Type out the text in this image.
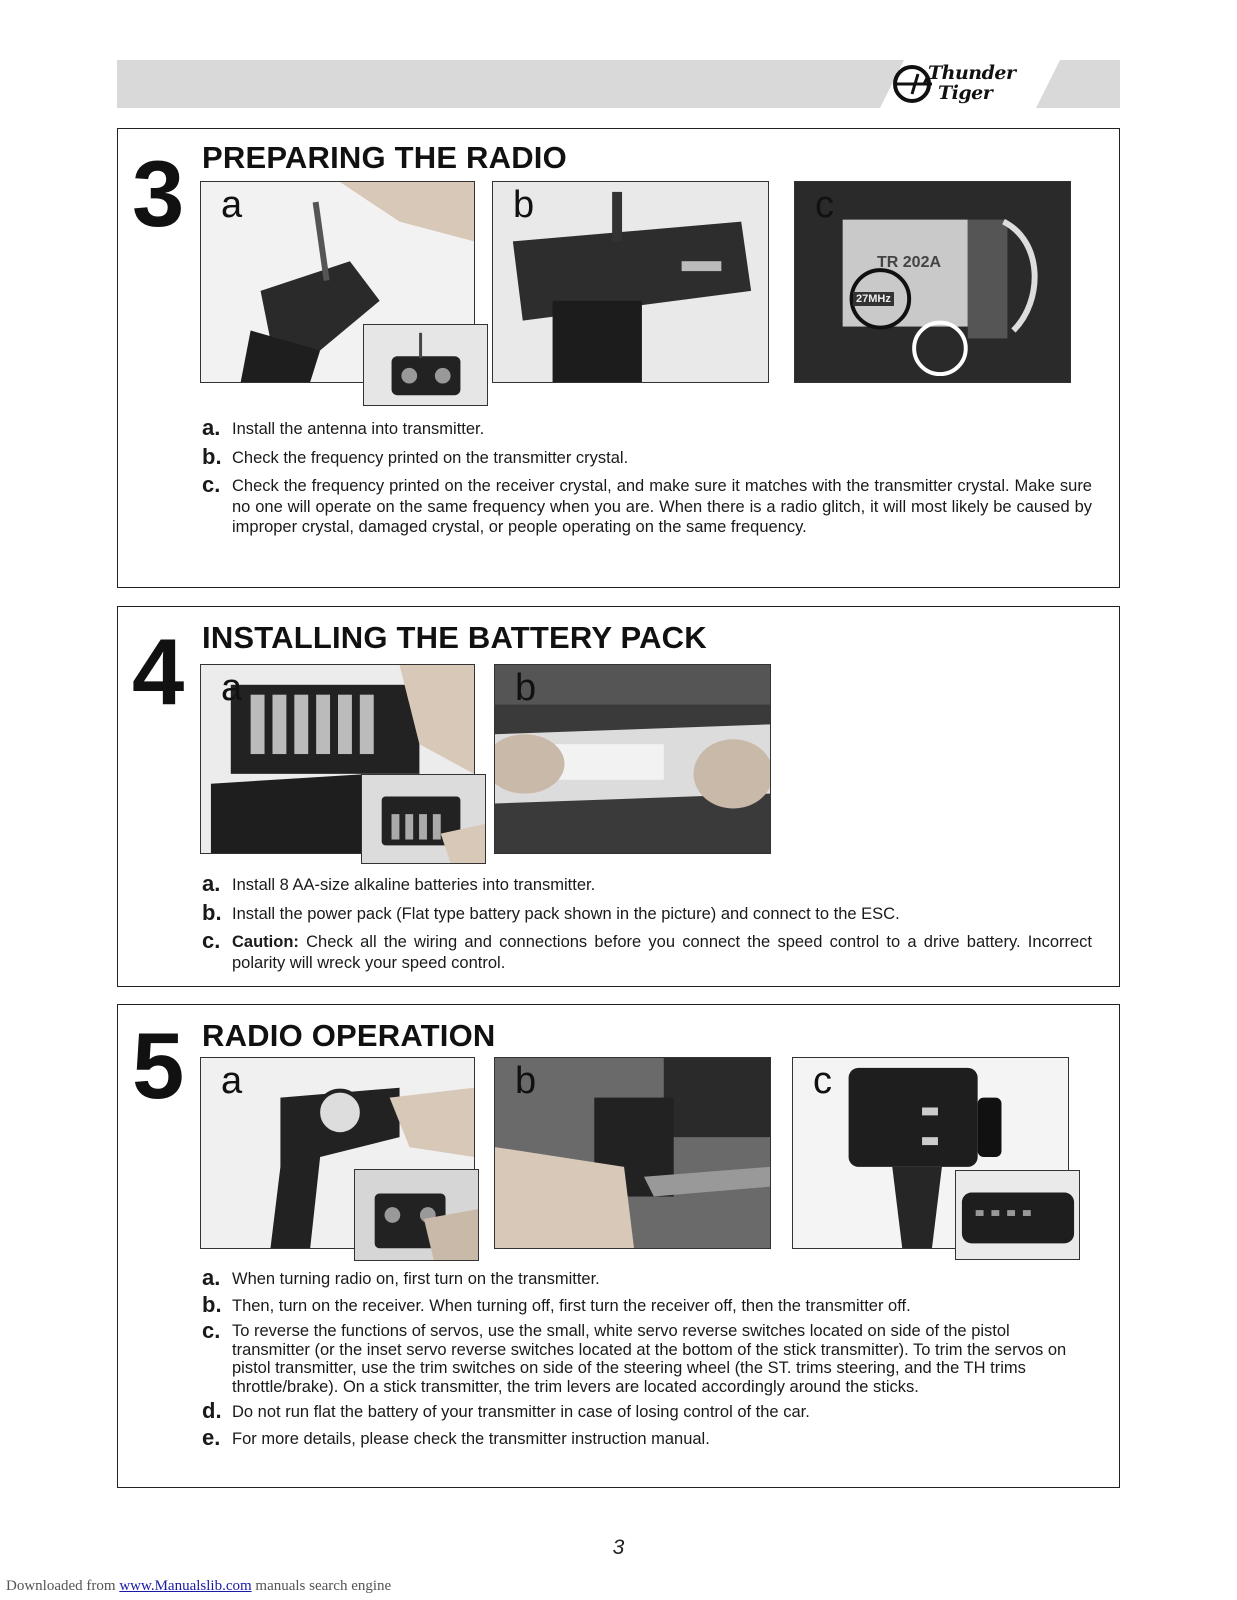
Thunder
Tiger
3 PREPARING THE RADIO
a	b
TR 202A
27MHz
c
a. Install the antenna into transmitter.
b. Check the frequency printed on the transmitter crystal.
c. Check the frequency printed on the receiver crystal, and make sure it matches with the transmitter crystal. Make sure no one will operate on the same frequency when you are. When there is a radio glitch, it will most likely be caused by improper crystal, damaged crystal, or people operating on the same frequency.
4 INSTALLING THE BATTERY PACK
a	b
a. Install 8 AA-size alkaline batteries into transmitter.
b. Install the power pack (Flat type battery pack shown in the picture) and connect to the ESC.
c. Caution: Check all the wiring and connections before you connect the speed control to a drive battery. Incorrect polarity will wreck your speed control.
5 RADIO OPERATION
a	b	c
a. When turning radio on, first turn on the transmitter.
b. Then, turn on the receiver. When turning off, first turn the receiver off, then the transmitter off.
c. To reverse the functions of servos, use the small, white servo reverse switches located on side of the pistol transmitter (or the inset servo reverse switches located at the bottom of the stick transmitter). To trim the servos on pistol transmitter, use the trim switches on side of the steering wheel (the ST. trims steering, and the TH trims throttle/brake). On a stick transmitter, the trim levers are located accordingly around the sticks.
d. Do not run flat the battery of your transmitter in case of losing control of the car.
e. For more details, please check the transmitter instruction manual.
3
Downloaded from www.Manualslib.com manuals search engine
